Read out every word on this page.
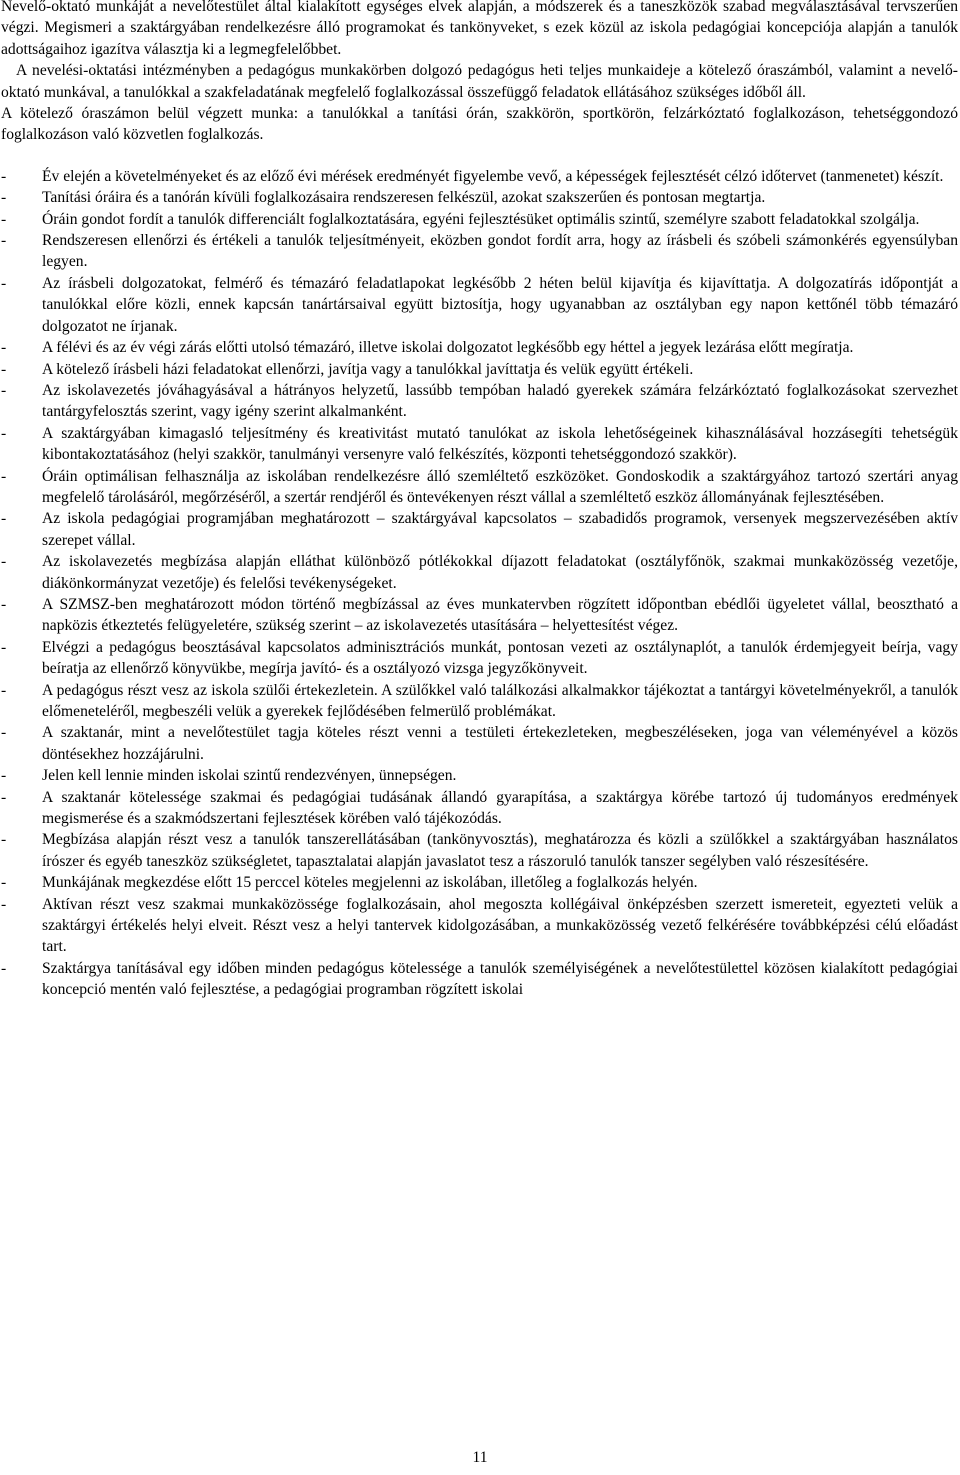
Nevelő-oktató munkáját a nevelőtestület által kialakított egységes elvek alapján, a módszerek és a taneszközök szabad megválasztásával tervszerűen végzi. Megismeri a szaktárgyában rendelkezésre álló programokat és tankönyveket, s ezek közül az iskola pedagógiai koncepciója alapján a tanulók adottságaihoz igazítva választja ki a legmegfelelőbbet.

A nevelési-oktatási intézményben a pedagógus munkakörben dolgozó pedagógus heti teljes munkaideje a kötelező óraszámból, valamint a nevelő-oktató munkával, a tanulókkal a szakfeladatának megfelelő foglalkozással összefüggő feladatok ellátásához szükséges időből áll.

A kötelező óraszámon belül végzett munka: a tanulókkal a tanítási órán, szakkörön, sportkörön, felzárkóztató foglalkozáson, tehetséggondozó foglalkozáson való közvetlen foglalkozás.

- Év elején a követelményeket és az előző évi mérések eredményét figyelembe vevő, a képességek fejlesztését célzó időtervet (tanmenetet) készít.
- Tanítási óráira és a tanórán kívüli foglalkozásaira rendszeresen felkészül, azokat szakszerűen és pontosan megtartja.
- Óráin gondot fordít a tanulók differenciált foglalkoztatására, egyéni fejlesztésüket optimális szintű, személyre szabott feladatokkal szolgálja.
- Rendszeresen ellenőrzi és értékeli a tanulók teljesítményeit, eközben gondot fordít arra, hogy az írásbeli és szóbeli számonkérés egyensúlyban legyen.
- Az írásbeli dolgozatokat, felmérő és témazáró feladatlapokat legkésőbb 2 héten belül kijavítja és kijavíttatja. A dolgozatírás időpontját a tanulókkal előre közli, ennek kapcsán tanártársaival együtt biztosítja, hogy ugyanabban az osztályban egy napon kettőnél több témazáró dolgozatot ne írjanak.
- A félévi és az év végi zárás előtti utolsó témazáró, illetve iskolai dolgozatot legkésőbb egy héttel a jegyek lezárása előtt megíratja.
- A kötelező írásbeli házi feladatokat ellenőrzi, javítja vagy a tanulókkal javíttatja és velük együtt értékeli.
- Az iskolavezetés jóváhagyásával a hátrányos helyzetű, lassúbb tempóban haladó gyerekek számára felzárkóztató foglalkozásokat szervezhet tantárgyfelosztás szerint, vagy igény szerint alkalmanként.
- A szaktárgyában kimagasló teljesítmény és kreativitást mutató tanulókat az iskola lehetőségeinek kihasználásával hozzásegíti tehetségük kibontakoztatásához (helyi szakkör, tanulmányi versenyre való felkészítés, központi tehetséggondozó szakkör).
- Óráin optimálisan felhasználja az iskolában rendelkezésre álló szemléltető eszközöket. Gondoskodik a szaktárgyához tartozó szertári anyag megfelelő tárolásáról, megőrzéséről, a szertár rendjéről és öntevékenyen részt vállal a szemléltető eszköz állományának fejlesztésében.
- Az iskola pedagógiai programjában meghatározott – szaktárgyával kapcsolatos – szabadidős programok, versenyek megszervezésében aktív szerepet vállal.
- Az iskolavezetés megbízása alapján elláthat különböző pótlékokkal díjazott feladatokat (osztályfőnök, szakmai munkaközösség vezetője, diákönkormányzat vezetője) és felelősi tevékenységeket.
- A SZMSZ-ben meghatározott módon történő megbízással az éves munkatervben rögzített időpontban ebédlői ügyeletet vállal, beosztható a napközis étkeztetés felügyeletére, szükség szerint – az iskolavezetés utasítására – helyettesítést végez.
- Elvégzi a pedagógus beosztásával kapcsolatos adminisztrációs munkát, pontosan vezeti az osztálynaplót, a tanulók érdemjegyeit beírja, vagy beíratja az ellenőrző könyvükbe, megírja javító- és a osztályozó vizsga jegyzőkönyveit.
- A pedagógus részt vesz az iskola szülői értekezletein. A szülőkkel való találkozási alkalmakkor tájékoztat a tantárgyi követelményekről, a tanulók előmeneteléről, megbeszéli velük a gyerekek fejlődésében felmerülő problémákat.
- A szaktanár, mint a nevelőtestület tagja köteles részt venni a testületi értekezleteken, megbeszéléseken, joga van véleményével a közös döntésekhez hozzájárulni.
- Jelen kell lennie minden iskolai szintű rendezvényen, ünnepségen.
- A szaktanár kötelessége szakmai és pedagógiai tudásának állandó gyarapítása, a szaktárgya körébe tartozó új tudományos eredmények megismerése és a szakmódszertani fejlesztések körében való tájékozódás.
- Megbízása alapján részt vesz a tanulók tanszerellátásában (tankönyvosztás), meghatározza és közli a szülőkkel a szaktárgyában használatos írószer és egyéb taneszköz szükségletet, tapasztalatai alapján javaslatot tesz a rászoruló tanulók tanszer segélyben való részesítésére.
- Munkájának megkezdése előtt 15 perccel köteles megjelenni az iskolában, illetőleg a foglalkozás helyén.
- Aktívan részt vesz szakmai munkaközössége foglalkozásain, ahol megoszta kollégáival önképzésben szerzett ismereteit, egyezteti velük a szaktárgyi értékelés helyi elveit. Részt vesz a helyi tantervek kidolgozásában, a munkaközösség vezető felkérésére továbbképzési célú előadást tart.
- Szaktárgya tanításával egy időben minden pedagógus kötelessége a tanulók személyiségének a nevelőtestülettel közösen kialakított pedagógiai koncepció mentén való fejlesztése, a pedagógiai programban rögzített iskolai
11
